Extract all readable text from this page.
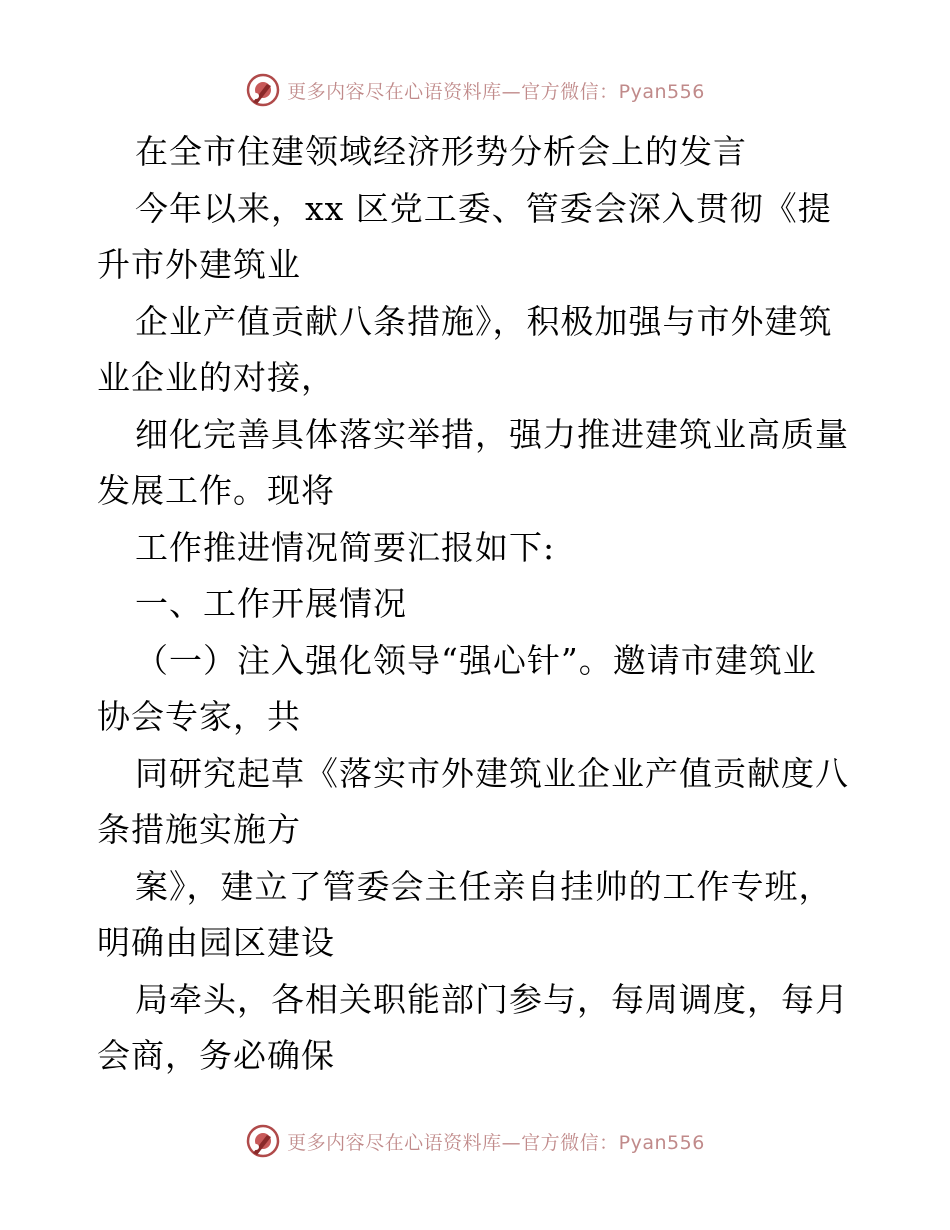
更多内容尽在心语资料库—官方微信：Pyan556
在全市住建领域经济形势分析会上的发言
今年以来，xx 区党工委、管委会深入贯彻《提
升市外建筑业
企业产值贡献八条措施》，积极加强与市外建筑
业企业的对接，
细化完善具体落实举措，强力推进建筑业高质量
发展工作。现将
工作推进情况简要汇报如下:
一、工作开展情况
（一）注入强化领导“强心针”。邀请市建筑业
协会专家，共
同研究起草《落实市外建筑业企业产值贡献度八
条措施实施方
案》，建立了管委会主任亲自挂帅的工作专班，
明确由园区建设
局牵头，各相关职能部门参与，每周调度，每月
会商，务必确保
更多内容尽在心语资料库—官方微信：Pyan556
